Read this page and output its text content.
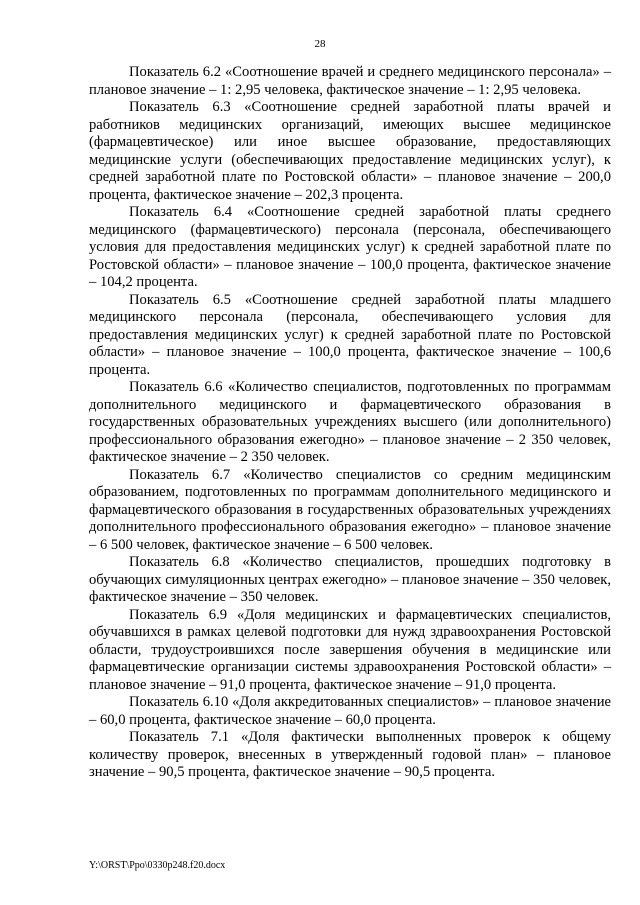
28

Показатель 6.2 «Соотношение врачей и среднего медицинского персонала» – плановое значение – 1: 2,95 человека, фактическое значение – 1: 2,95 человека.

Показатель 6.3 «Соотношение средней заработной платы врачей и работников медицинских организаций, имеющих высшее медицинское (фармацевтическое) или иное высшее образование, предоставляющих медицинские услуги (обеспечивающих предоставление медицинских услуг), к средней заработной плате по Ростовской области» – плановое значение – 200,0 процента, фактическое значение – 202,3 процента.

Показатель 6.4 «Соотношение средней заработной платы среднего медицинского (фармацевтического) персонала (персонала, обеспечивающего условия для предоставления медицинских услуг) к средней заработной плате по Ростовской области» – плановое значение – 100,0 процента, фактическое значение – 104,2 процента.

Показатель 6.5 «Соотношение средней заработной платы младшего медицинского персонала (персонала, обеспечивающего условия для предоставления медицинских услуг) к средней заработной плате по Ростовской области» – плановое значение – 100,0 процента, фактическое значение – 100,6 процента.

Показатель 6.6 «Количество специалистов, подготовленных по программам дополнительного медицинского и фармацевтического образования в государственных образовательных учреждениях высшего (или дополнительного) профессионального образования ежегодно» – плановое значение – 2 350 человек, фактическое значение – 2 350 человек.

Показатель 6.7 «Количество специалистов со средним медицинским образованием, подготовленных по программам дополнительного медицинского и фармацевтического образования в государственных образовательных учреждениях дополнительного профессионального образования ежегодно» – плановое значение – 6 500 человек, фактическое значение – 6 500 человек.

Показатель 6.8 «Количество специалистов, прошедших подготовку в обучающих симуляционных центрах ежегодно» – плановое значение – 350 человек, фактическое значение – 350 человек.

Показатель 6.9 «Доля медицинских и фармацевтических специалистов, обучавшихся в рамках целевой подготовки для нужд здравоохранения Ростовской области, трудоустроившихся после завершения обучения в медицинские или фармацевтические организации системы здравоохранения Ростовской области» – плановое значение – 91,0 процента, фактическое значение – 91,0 процента.

Показатель 6.10 «Доля аккредитованных специалистов» – плановое значение – 60,0 процента, фактическое значение – 60,0 процента.

Показатель 7.1 «Доля фактически выполненных проверок к общему количеству проверок, внесенных в утвержденный годовой план» – плановое значение – 90,5 процента, фактическое значение – 90,5 процента.

Y:\ORST\Ppo\0330p248.f20.docx
